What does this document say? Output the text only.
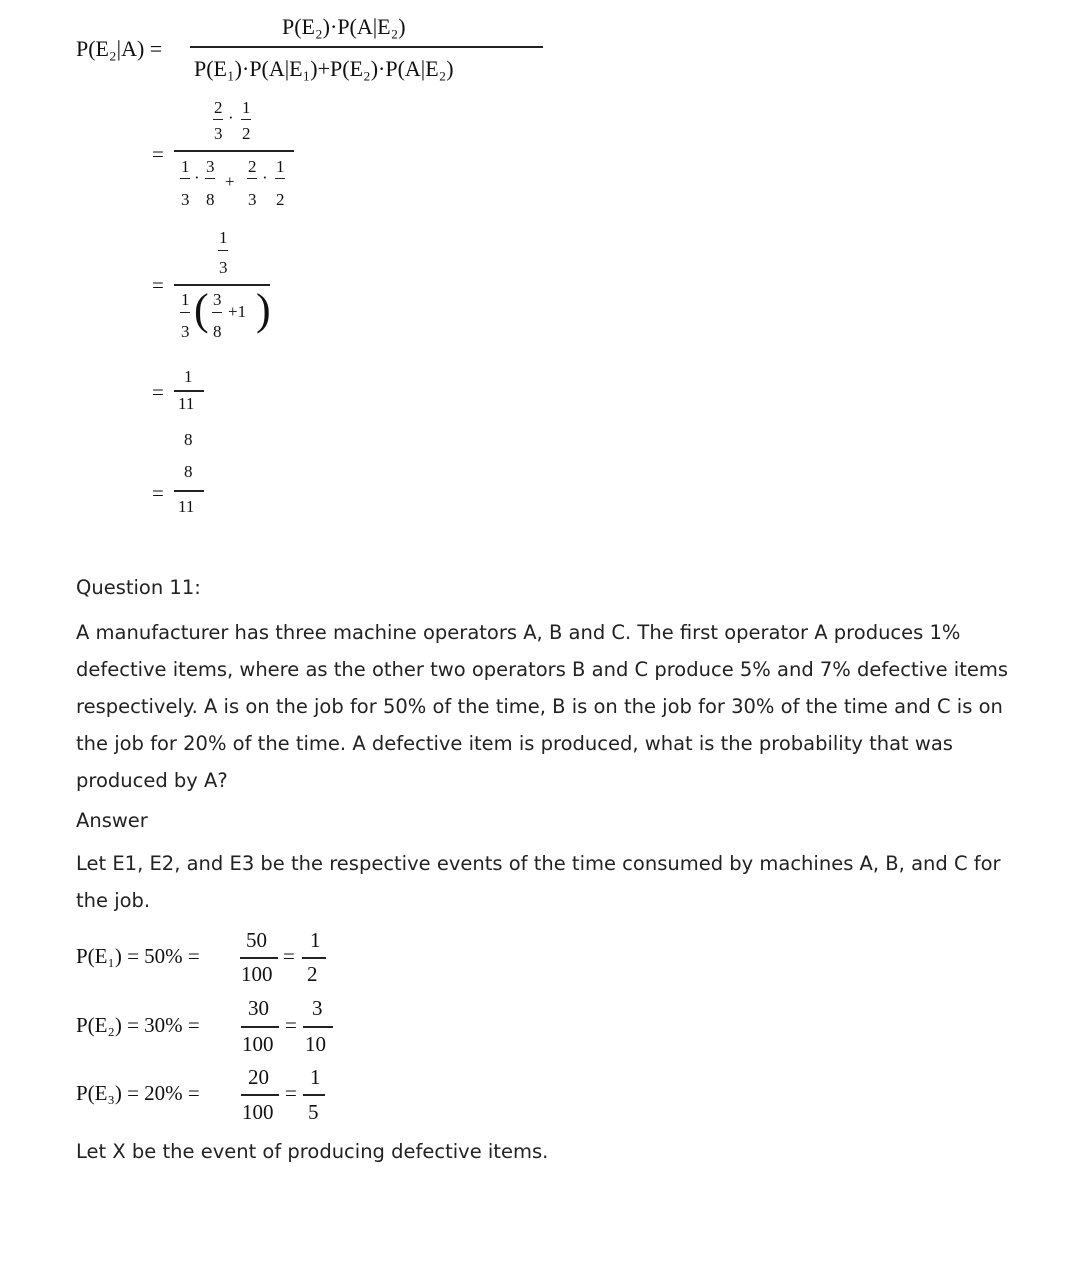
P(E₂|A) =
P(E₂)·P(A|E₂)
P(E₁)·P(A|E₁)+P(E₂)·P(A|E₂)
=
2
3
·
1
2
1
3
·
3
8
+
2
3
·
1
2
=
1
3
1
3 ( 3
8
+1 )
=
1
11
8
=
8
11
Question 11:
A manufacturer has three machine operators A, B and C. The first operator A produces 1% defective items, where as the other two operators B and C produce 5% and 7% defective items respectively. A is on the job for 50% of the time, B is on the job for 30% of the time and C is on the job for 20% of the time. A defective item is produced, what is the probability that was produced by A?
Answer
Let E1, E2, and E3 be the respective events of the time consumed by machines A, B, and C for the job.
P(E₁) = 50% =
50
100
=
1
2
P(E₂) = 30% =
30
100
=
3
10
P(E₃) = 20% =
20
100
=
1
5
Let X be the event of producing defective items.
